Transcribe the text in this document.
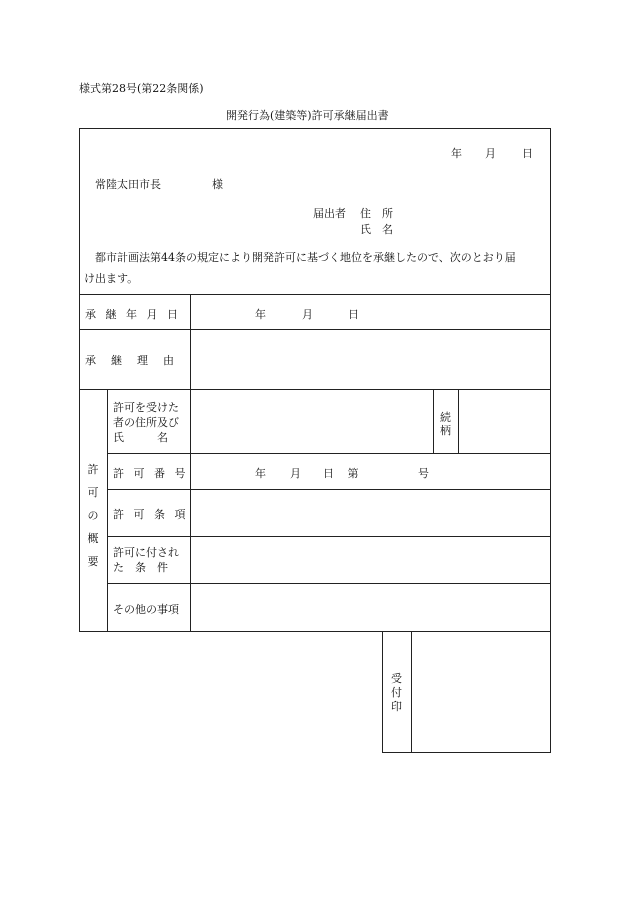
様式第28号(第22条関係)
開発行為(建築等)許可承継届出書
年 月 日
常陸太田市長	様
届出者 住　所
氏　名
都市計画法第44条の規定により開発許可に基づく地位を承継したので、次のとおり届
け出ます。
承 継 年 月 日	年	月	日
承　継　理　由
許
可
の
概
要
許可を受けた
者の住所及び
氏　　　名
続
柄
許 可 番 号	年 月 日 第	号
許 可 条 項
許可に付され
た　条　件
その他の事項
受
付
印
